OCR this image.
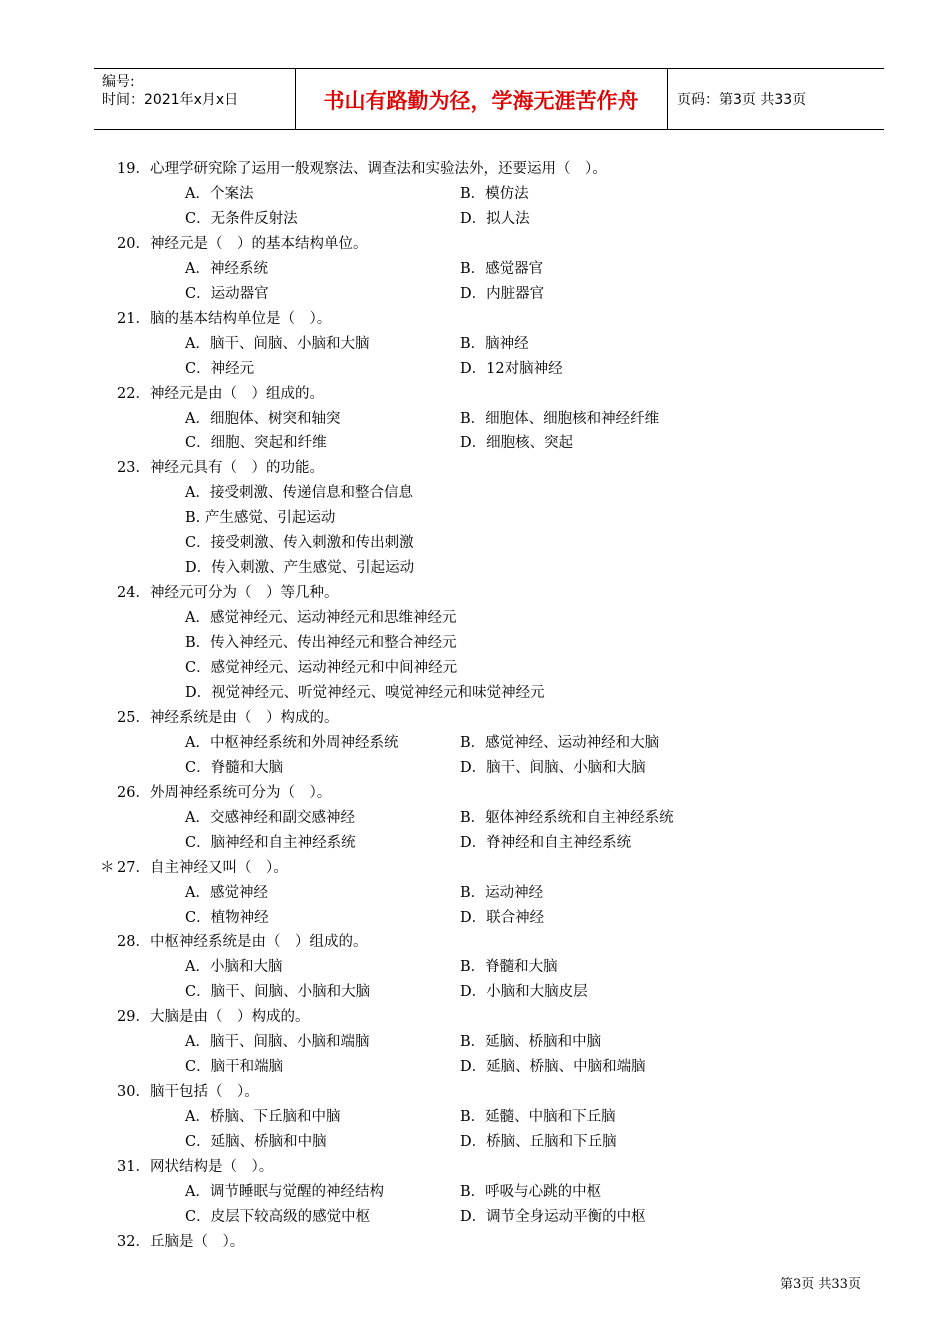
编号:
时间：2021年x月x日	书山有路勤为径，学海无涯苦作舟	页码：第3页 共33页
19．心理学研究除了运用一般观察法、调查法和实验法外，还要运用（　）。
A．个案法	B．模仿法
C．无条件反射法	D．拟人法
20．神经元是（　）的基本结构单位。
A．神经系统	B．感觉器官
C．运动器官	D．内脏器官
21．脑的基本结构单位是（　）。
A．脑干、间脑、小脑和大脑	B．脑神经
C．神经元	D．12对脑神经
22．神经元是由（　）组成的。
A．细胞体、树突和轴突	B．细胞体、细胞核和神经纤维
C．细胞、突起和纤维	D．细胞核、突起
23．神经元具有（　）的功能。
A．接受刺激、传递信息和整合信息
B. 产生感觉、引起运动
C．接受刺激、传入刺激和传出刺激
D．传入刺激、产生感觉、引起运动
24．神经元可分为（　）等几种。
A．感觉神经元、运动神经元和思维神经元
B．传入神经元、传出神经元和整合神经元
C．感觉神经元、运动神经元和中间神经元
D．视觉神经元、听觉神经元、嗅觉神经元和味觉神经元
25．神经系统是由（　）构成的。
A．中枢神经系统和外周神经系统	B．感觉神经、运动神经和大脑
C．脊髓和大脑	D．脑干、间脑、小脑和大脑
26．外周神经系统可分为（　）。
A．交感神经和副交感神经	B．躯体神经系统和自主神经系统
C．脑神经和自主神经系统	D．脊神经和自主神经系统
＊ 27．自主神经又叫（　）。
A．感觉神经	B．运动神经
C．植物神经	D．联合神经
28．中枢神经系统是由（　）组成的。
A．小脑和大脑	B．脊髓和大脑
C．脑干、间脑、小脑和大脑	D．小脑和大脑皮层
29．大脑是由（　）构成的。
A．脑干、间脑、小脑和端脑	B．延脑、桥脑和中脑
C．脑干和端脑	D．延脑、桥脑、中脑和端脑
30．脑干包括（　）。
A．桥脑、下丘脑和中脑	B．延髓、中脑和下丘脑
C．延脑、桥脑和中脑	D．桥脑、丘脑和下丘脑
31．网状结构是（　）。
A．调节睡眠与觉醒的神经结构	B．呼吸与心跳的中枢
C．皮层下较高级的感觉中枢	D．调节全身运动平衡的中枢
32．丘脑是（　）。
第3页 共33页
